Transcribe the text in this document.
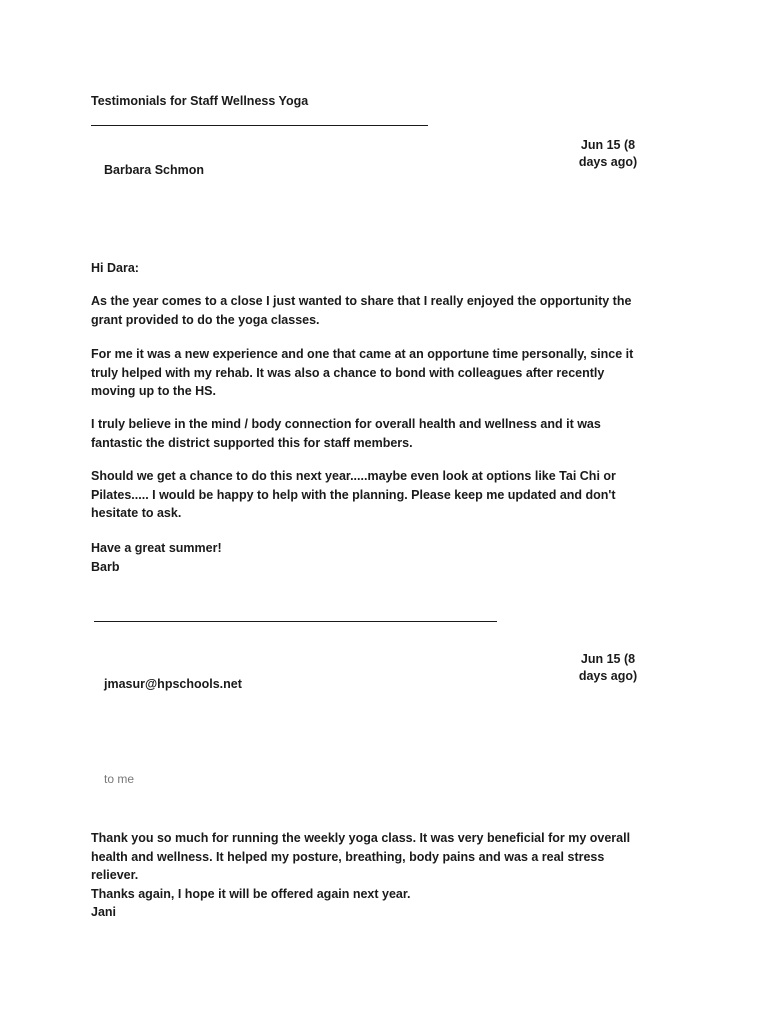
Testimonials for Staff Wellness Yoga
Jun 15 (8
days ago)
Barbara Schmon
Hi Dara:
As the year comes to a close I just wanted to share that I really enjoyed the opportunity the
grant provided to do the yoga classes.
For me it was a new experience and one that came at an opportune time personally, since it
truly helped with my rehab. It was also a chance to bond with colleagues after recently
moving up to the HS.
I truly believe in the mind / body connection for overall health and wellness and it was
fantastic the district supported this for staff members.
Should we get a chance to do this next year.....maybe even look at options like Tai Chi or
Pilates..... I would be happy to help with the planning. Please keep me updated and don't
hesitate to ask.
Have a great summer!
Barb
Jun 15 (8
days ago)
jmasur@hpschools.net
to me
Thank you so much for running the weekly yoga class. It was very beneficial for my overall
health and wellness. It helped my posture, breathing, body pains and was a real stress
reliever.
Thanks again, I hope it will be offered again next year.
Jani
